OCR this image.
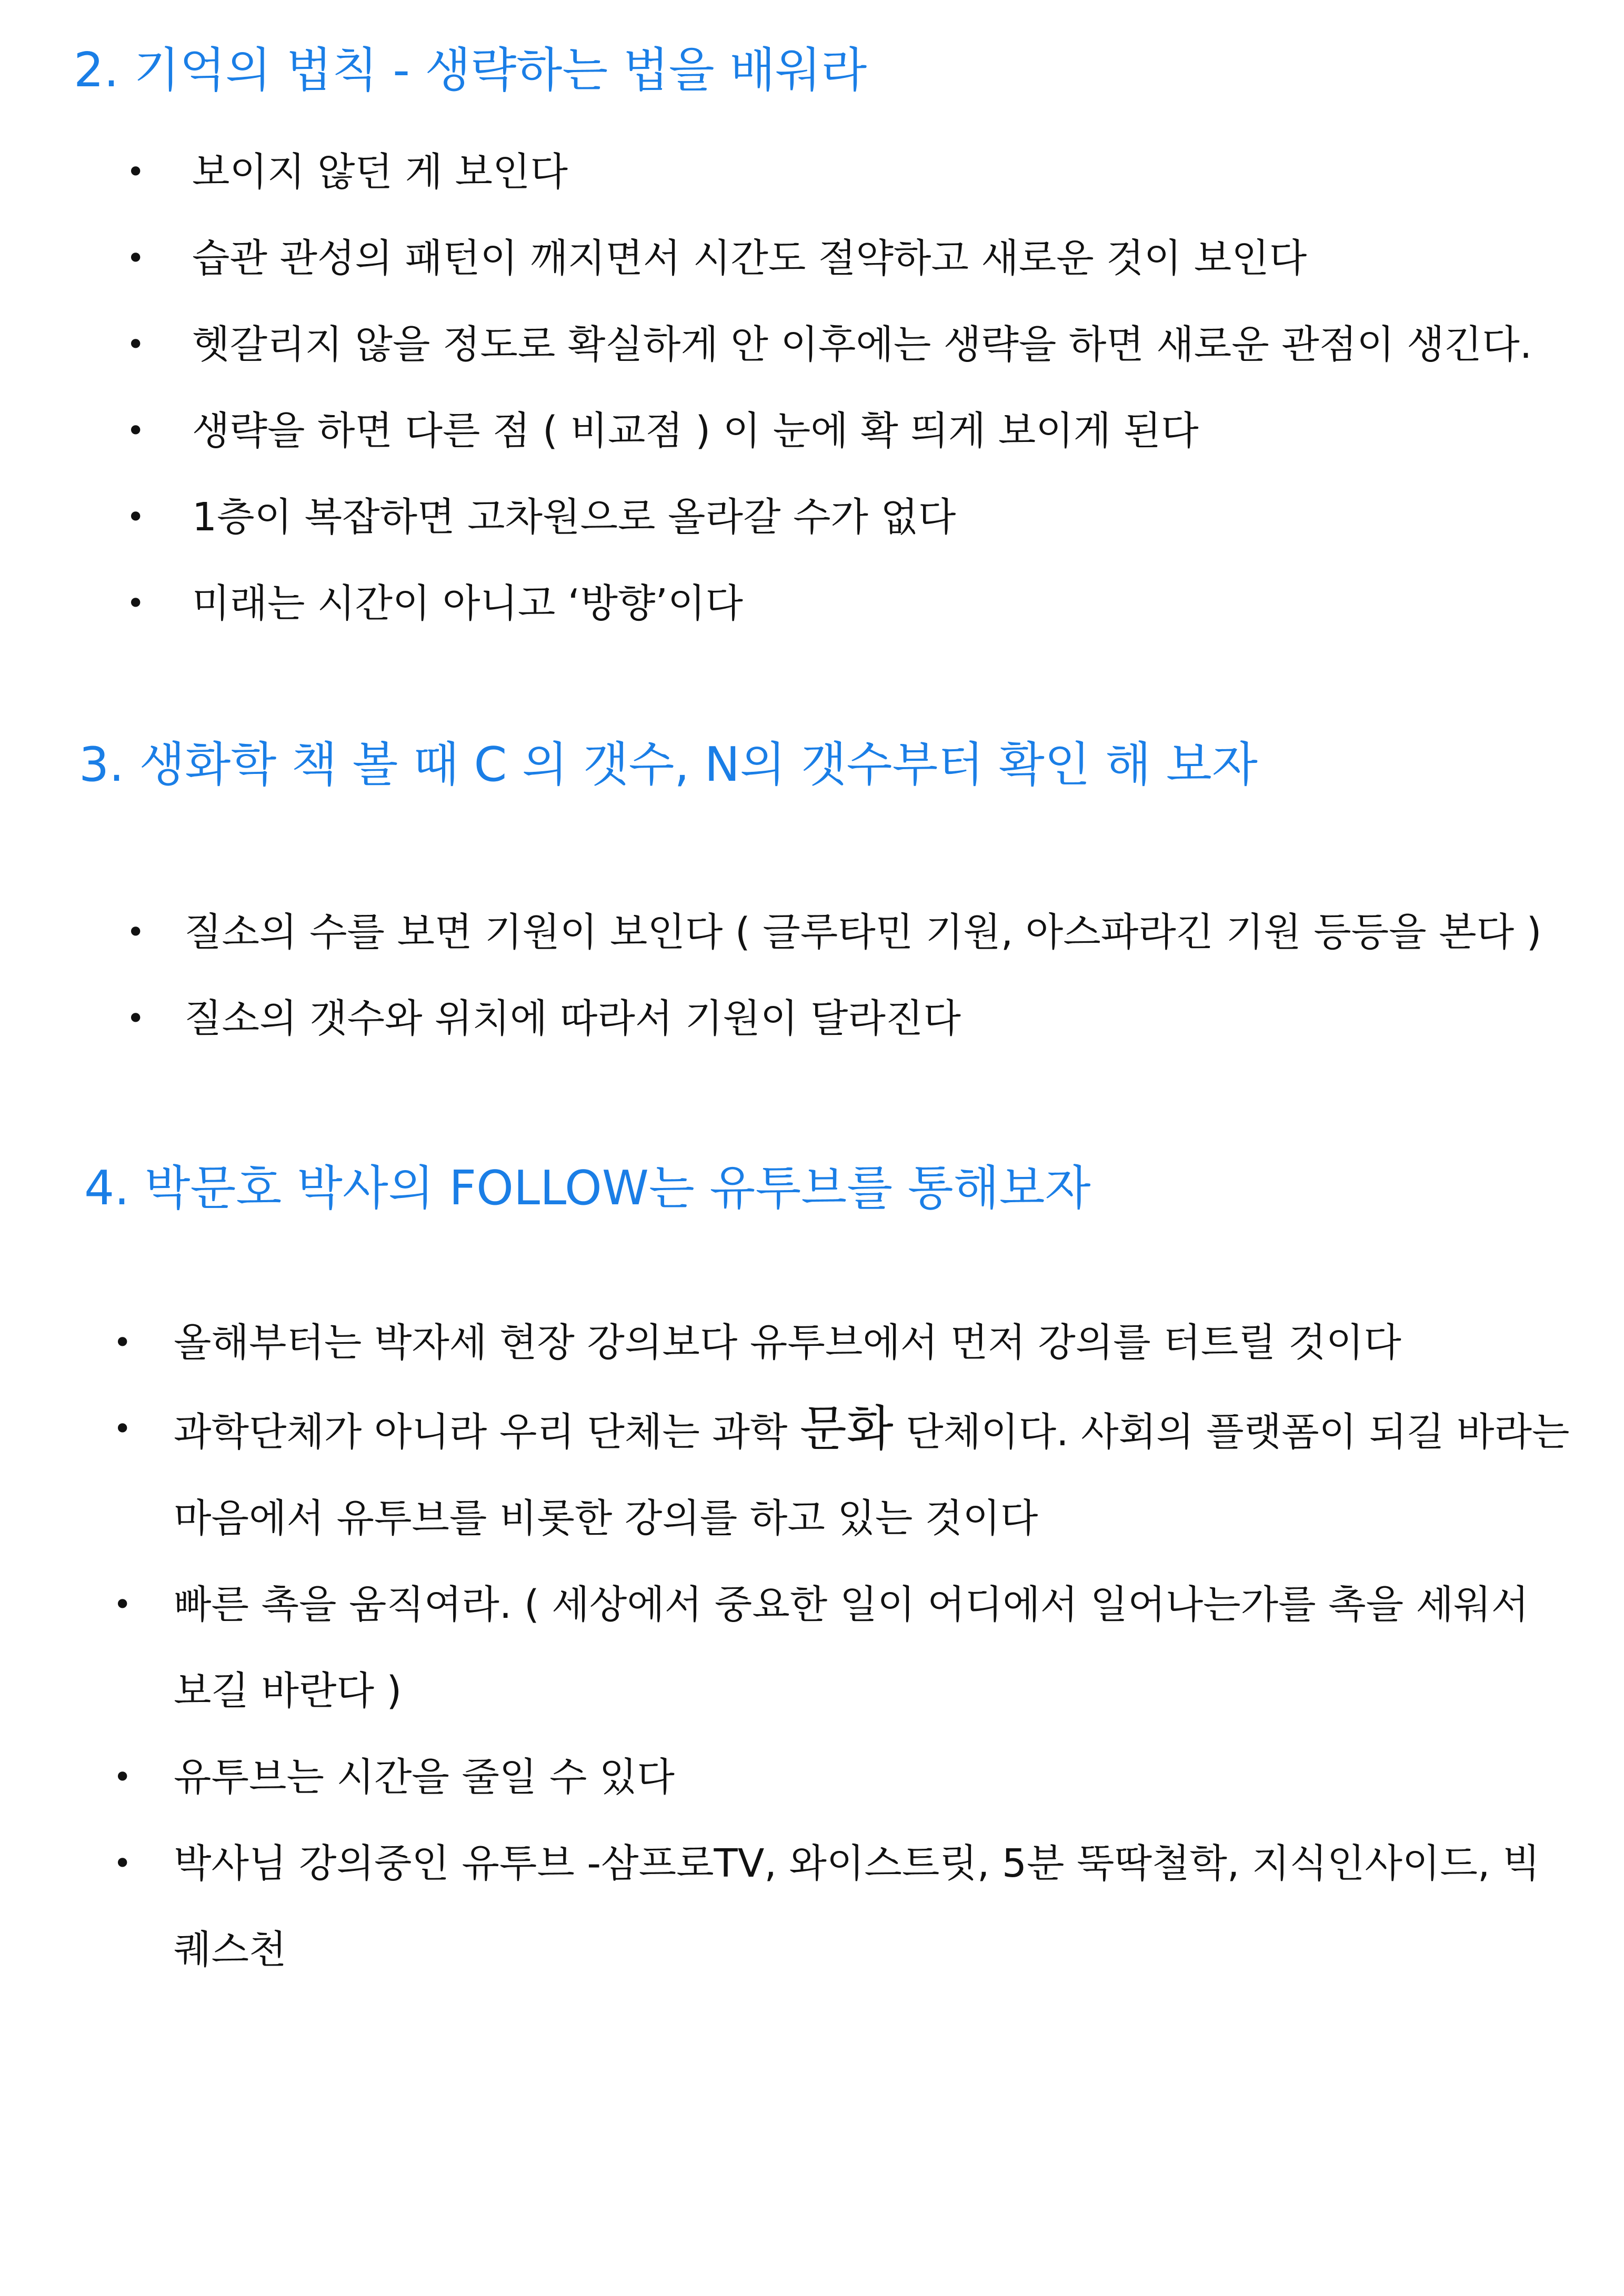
2. 기억의 법칙 - 생략하는 법을 배워라
•	보이지 않던 게 보인다
•	습관 관성의 패턴이 깨지면서 시간도 절약하고 새로운 것이 보인다
•	헷갈리지 않을 정도로 확실하게 안 이후에는 생략을 하면 새로운 관점이 생긴다.
•	생략을 하면 다른 점 ( 비교점 ) 이 눈에 확 띄게 보이게 된다
•	1층이 복잡하면 고차원으로 올라갈 수가 없다
•	미래는 시간이 아니고 ‘방향’이다
3. 생화학 책 볼 때 C 의 갯수, N의 갯수부터 확인 해 보자
•	질소의 수를 보면 기원이 보인다 ( 글루타민 기원, 아스파라긴 기원 등등을 본다 )
•	질소의 갯수와 위치에 따라서 기원이 달라진다
4. 박문호 박사의 FOLLOW는 유투브를 통해보자
•	올해부터는 박자세 현장 강의보다 유투브에서 먼저 강의를 터트릴 것이다
•	과학단체가 아니라 우리 단체는 과학 문화 단체이다. 사회의 플랫폼이 되길 바라는 마음에서 유투브를 비롯한 강의를 하고 있는 것이다
•	빠른 촉을 움직여라. ( 세상에서 중요한 일이 어디에서 일어나는가를 촉을 세워서 보길 바란다 )
•	유투브는 시간을 줄일 수 있다
•	박사님 강의중인 유투브 -삼프로TV, 와이스트릿, 5분 뚝딱철학, 지식인사이드, 빅퀘스천
